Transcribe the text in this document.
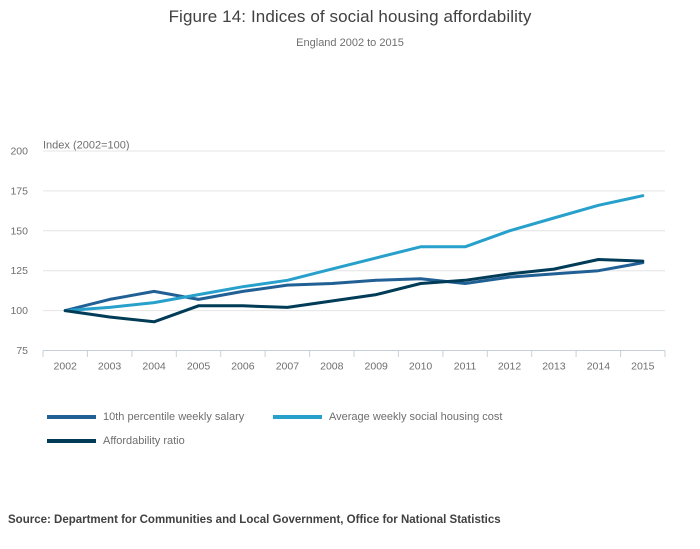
Figure 14: Indices of social housing affordability
England 2002 to 2015
Index (2002=100)
200
175
150
125
100
75
2002 2003 2004 2005 2006 2007 2008 2009 2010 2011 2012 2013 2014 2015
10th percentile weekly salary	Average weekly social housing cost
Affordability ratio
Source: Department for Communities and Local Government, Office for National Statistics
